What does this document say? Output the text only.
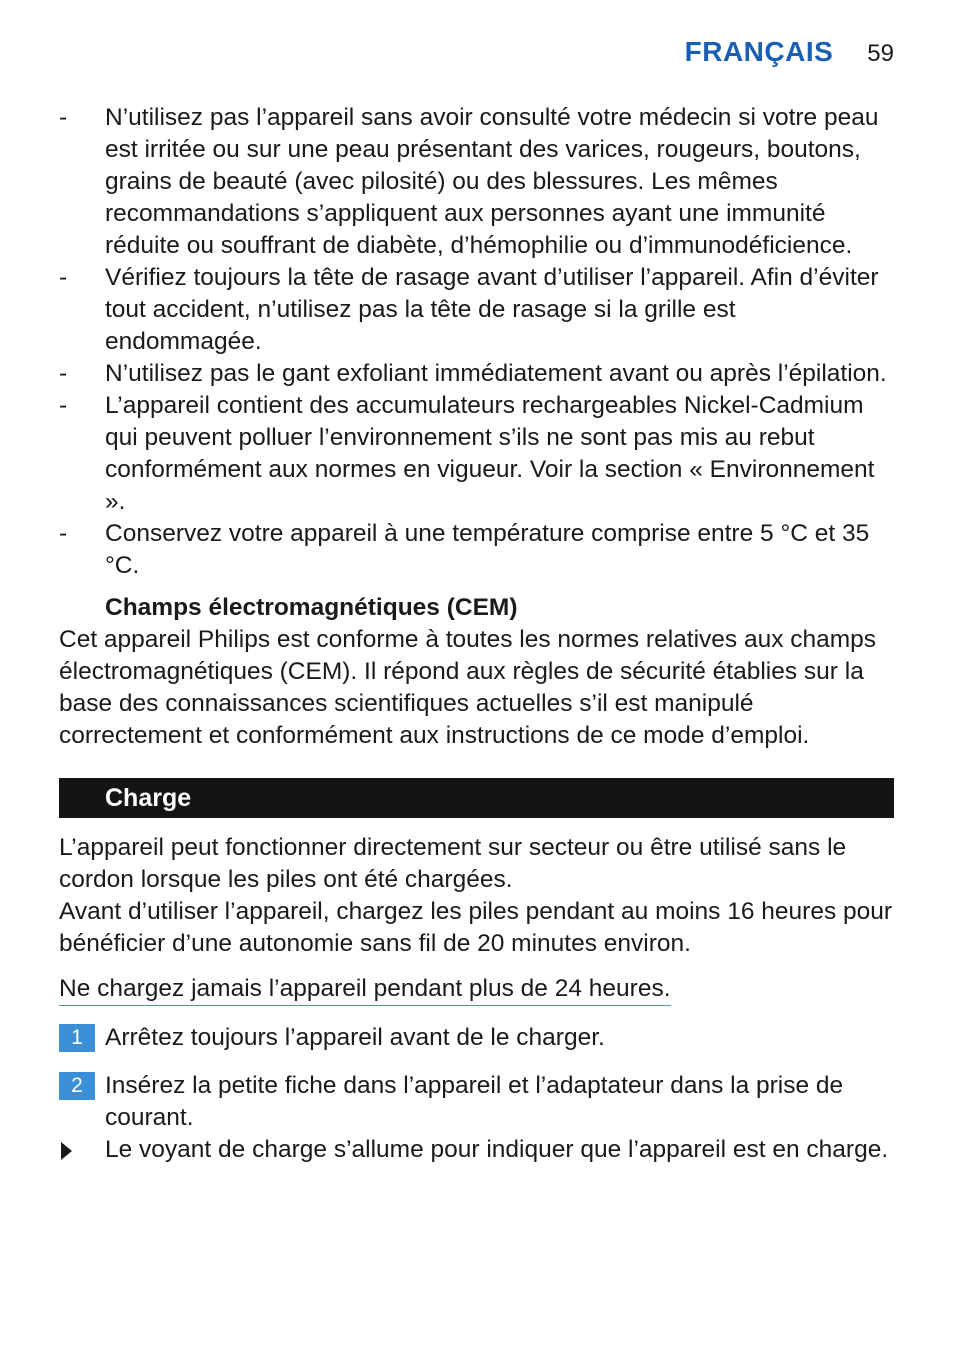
FRANÇAIS 59
-	N’utilisez pas l’appareil sans avoir consulté votre médecin si votre peau est irritée ou sur une peau présentant des varices, rougeurs, boutons, grains de beauté (avec pilosité) ou des blessures. Les mêmes recommandations s’appliquent aux personnes ayant une immunité réduite ou souffrant de diabète, d’hémophilie ou d’immunodéficience.
-	Vérifiez toujours la tête de rasage avant d’utiliser l’appareil. Afin d’éviter tout accident, n’utilisez pas la tête de rasage si la grille est endommagée.
-	N’utilisez pas le gant exfoliant immédiatement avant ou après l’épilation.
-	L’appareil contient des accumulateurs rechargeables Nickel-Cadmium qui peuvent polluer l’environnement s’ils ne sont pas mis au rebut conformément aux normes en vigueur. Voir la section « Environnement ».
-	Conservez votre appareil à une température comprise entre 5 °C et 35 °C.
Champs électromagnétiques (CEM)

Cet appareil Philips est conforme à toutes les normes relatives aux champs électromagnétiques (CEM). Il répond aux règles de sécurité établies sur la base des connaissances scientifiques actuelles s’il est manipulé correctement et conformément aux instructions de ce mode d’emploi.

Charge

L’appareil peut fonctionner directement sur secteur ou être utilisé sans le cordon lorsque les piles ont été chargées.

Avant d’utiliser l’appareil, chargez les piles pendant au moins 16 heures pour bénéficier d’une autonomie sans fil de 20 minutes environ.

Ne chargez jamais l’appareil pendant plus de 24 heures.
1 Arrêtez toujours l’appareil avant de le charger.
2 Insérez la petite fiche dans l’appareil et l’adaptateur dans la prise de courant.
Le voyant de charge s’allume pour indiquer que l’appareil est en charge.
